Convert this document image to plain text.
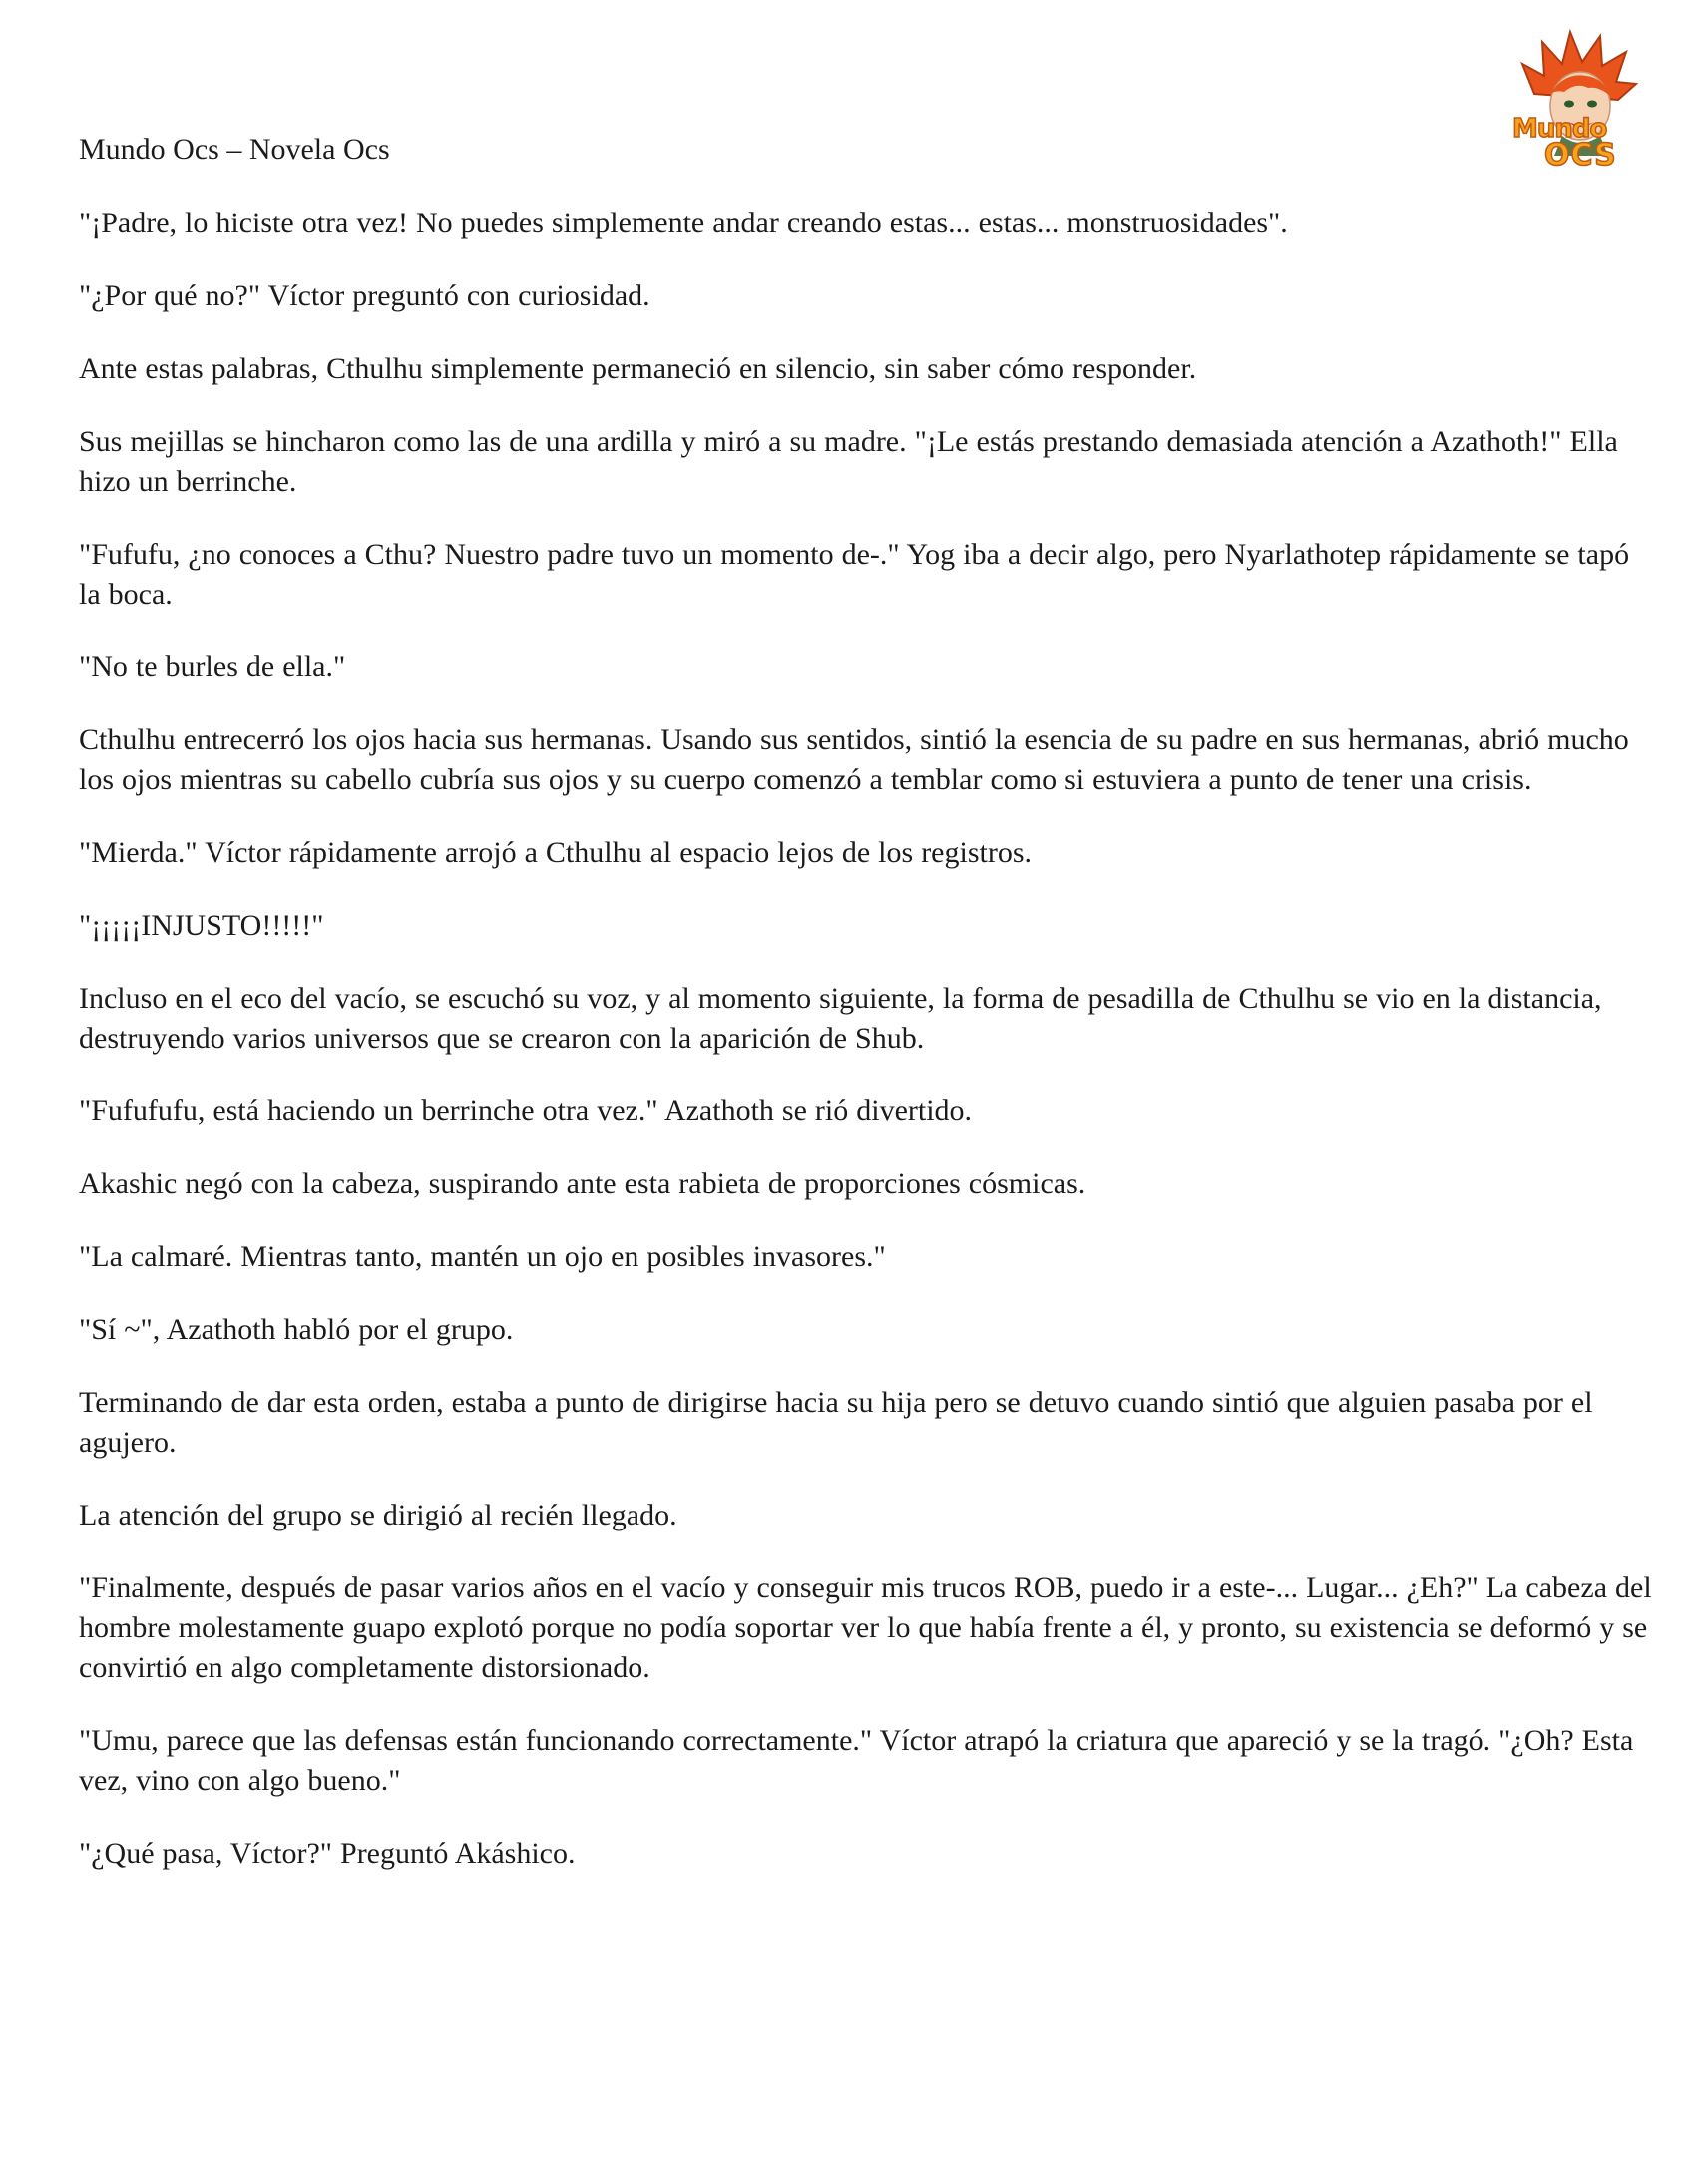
Mundo
OCS
Mundo Ocs – Novela Ocs

"¡Padre, lo hiciste otra vez! No puedes simplemente andar creando estas... estas... monstruosidades".

"¿Por qué no?" Víctor preguntó con curiosidad.

Ante estas palabras, Cthulhu simplemente permaneció en silencio, sin saber cómo responder.

Sus mejillas se hincharon como las de una ardilla y miró a su madre. "¡Le estás prestando demasiada atención a Azathoth!" Ella hizo un berrinche.

"Fufufu, ¿no conoces a Cthu? Nuestro padre tuvo un momento de-." Yog iba a decir algo, pero Nyarlathotep rápidamente se tapó la boca.

"No te burles de ella."

Cthulhu entrecerró los ojos hacia sus hermanas. Usando sus sentidos, sintió la esencia de su padre en sus hermanas, abrió mucho los ojos mientras su cabello cubría sus ojos y su cuerpo comenzó a temblar como si estuviera a punto de tener una crisis.

"Mierda." Víctor rápidamente arrojó a Cthulhu al espacio lejos de los registros.

"¡¡¡¡¡INJUSTO!!!!!"

Incluso en el eco del vacío, se escuchó su voz, y al momento siguiente, la forma de pesadilla de Cthulhu se vio en la distancia, destruyendo varios universos que se crearon con la aparición de Shub.

"Fufufufu, está haciendo un berrinche otra vez." Azathoth se rió divertido.

Akashic negó con la cabeza, suspirando ante esta rabieta de proporciones cósmicas.

"La calmaré. Mientras tanto, mantén un ojo en posibles invasores."

"Sí ~", Azathoth habló por el grupo.

Terminando de dar esta orden, estaba a punto de dirigirse hacia su hija pero se detuvo cuando sintió que alguien pasaba por el agujero.

La atención del grupo se dirigió al recién llegado.

"Finalmente, después de pasar varios años en el vacío y conseguir mis trucos ROB, puedo ir a este-... Lugar... ¿Eh?" La cabeza del hombre molestamente guapo explotó porque no podía soportar ver lo que había frente a él, y pronto, su existencia se deformó y se convirtió en algo completamente distorsionado.

"Umu, parece que las defensas están funcionando correctamente." Víctor atrapó la criatura que apareció y se la tragó. "¿Oh? Esta vez, vino con algo bueno."

"¿Qué pasa, Víctor?" Preguntó Akáshico.
